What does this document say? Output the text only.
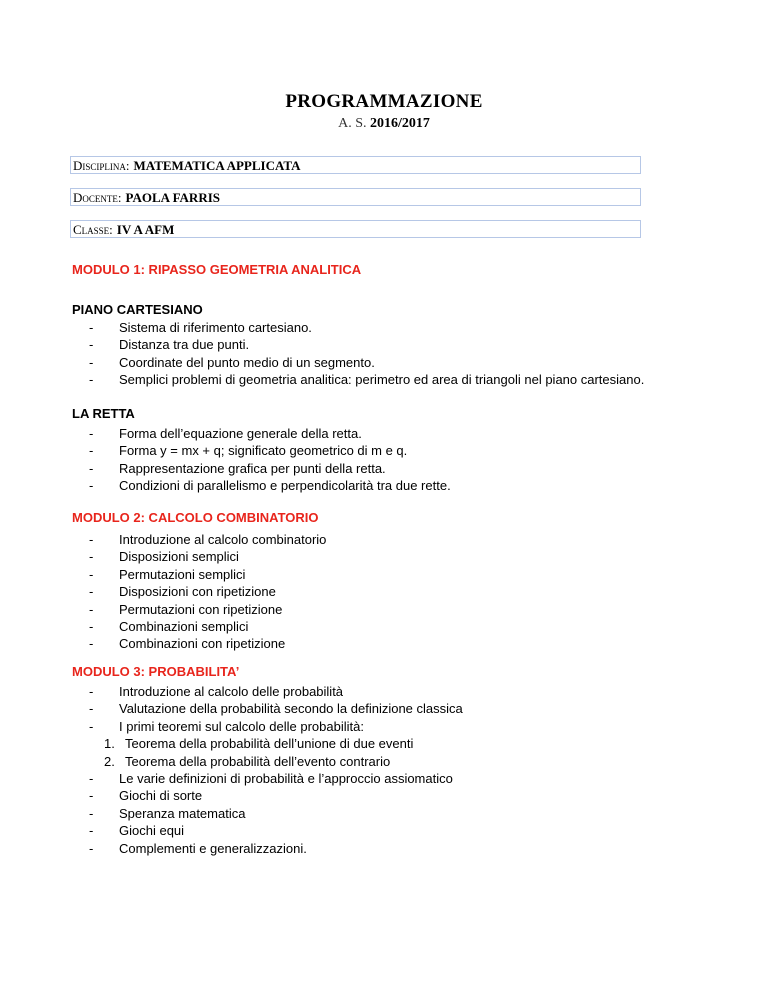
PROGRAMMAZIONE
A. S. 2016/2017
Disciplina: MATEMATICA APPLICATA
Docente: PAOLA FARRIS
Classe: IV A AFM
MODULO 1: RIPASSO GEOMETRIA ANALITICA
PIANO CARTESIANO
- Sistema di riferimento cartesiano.
- Distanza tra due punti.
- Coordinate del punto medio di un segmento.
- Semplici problemi di geometria analitica: perimetro ed area di triangoli nel piano cartesiano.
LA RETTA
- Forma dell’equazione generale della retta.
- Forma y = mx + q; significato geometrico di m e q.
- Rappresentazione grafica per punti della retta.
- Condizioni di parallelismo e perpendicolarità tra due rette.
MODULO 2: CALCOLO COMBINATORIO
- Introduzione al calcolo combinatorio
- Disposizioni semplici
- Permutazioni semplici
- Disposizioni con ripetizione
- Permutazioni con ripetizione
- Combinazioni semplici
- Combinazioni con ripetizione
MODULO 3: PROBABILITA’
- Introduzione al calcolo delle probabilità
- Valutazione della probabilità secondo la definizione classica
- I primi teoremi sul calcolo delle probabilità:
1. Teorema della probabilità dell’unione di due eventi
2. Teorema della probabilità dell’evento contrario
- Le varie definizioni di probabilità e l’approccio assiomatico
- Giochi di sorte
- Speranza matematica
- Giochi equi
- Complementi e generalizzazioni.
